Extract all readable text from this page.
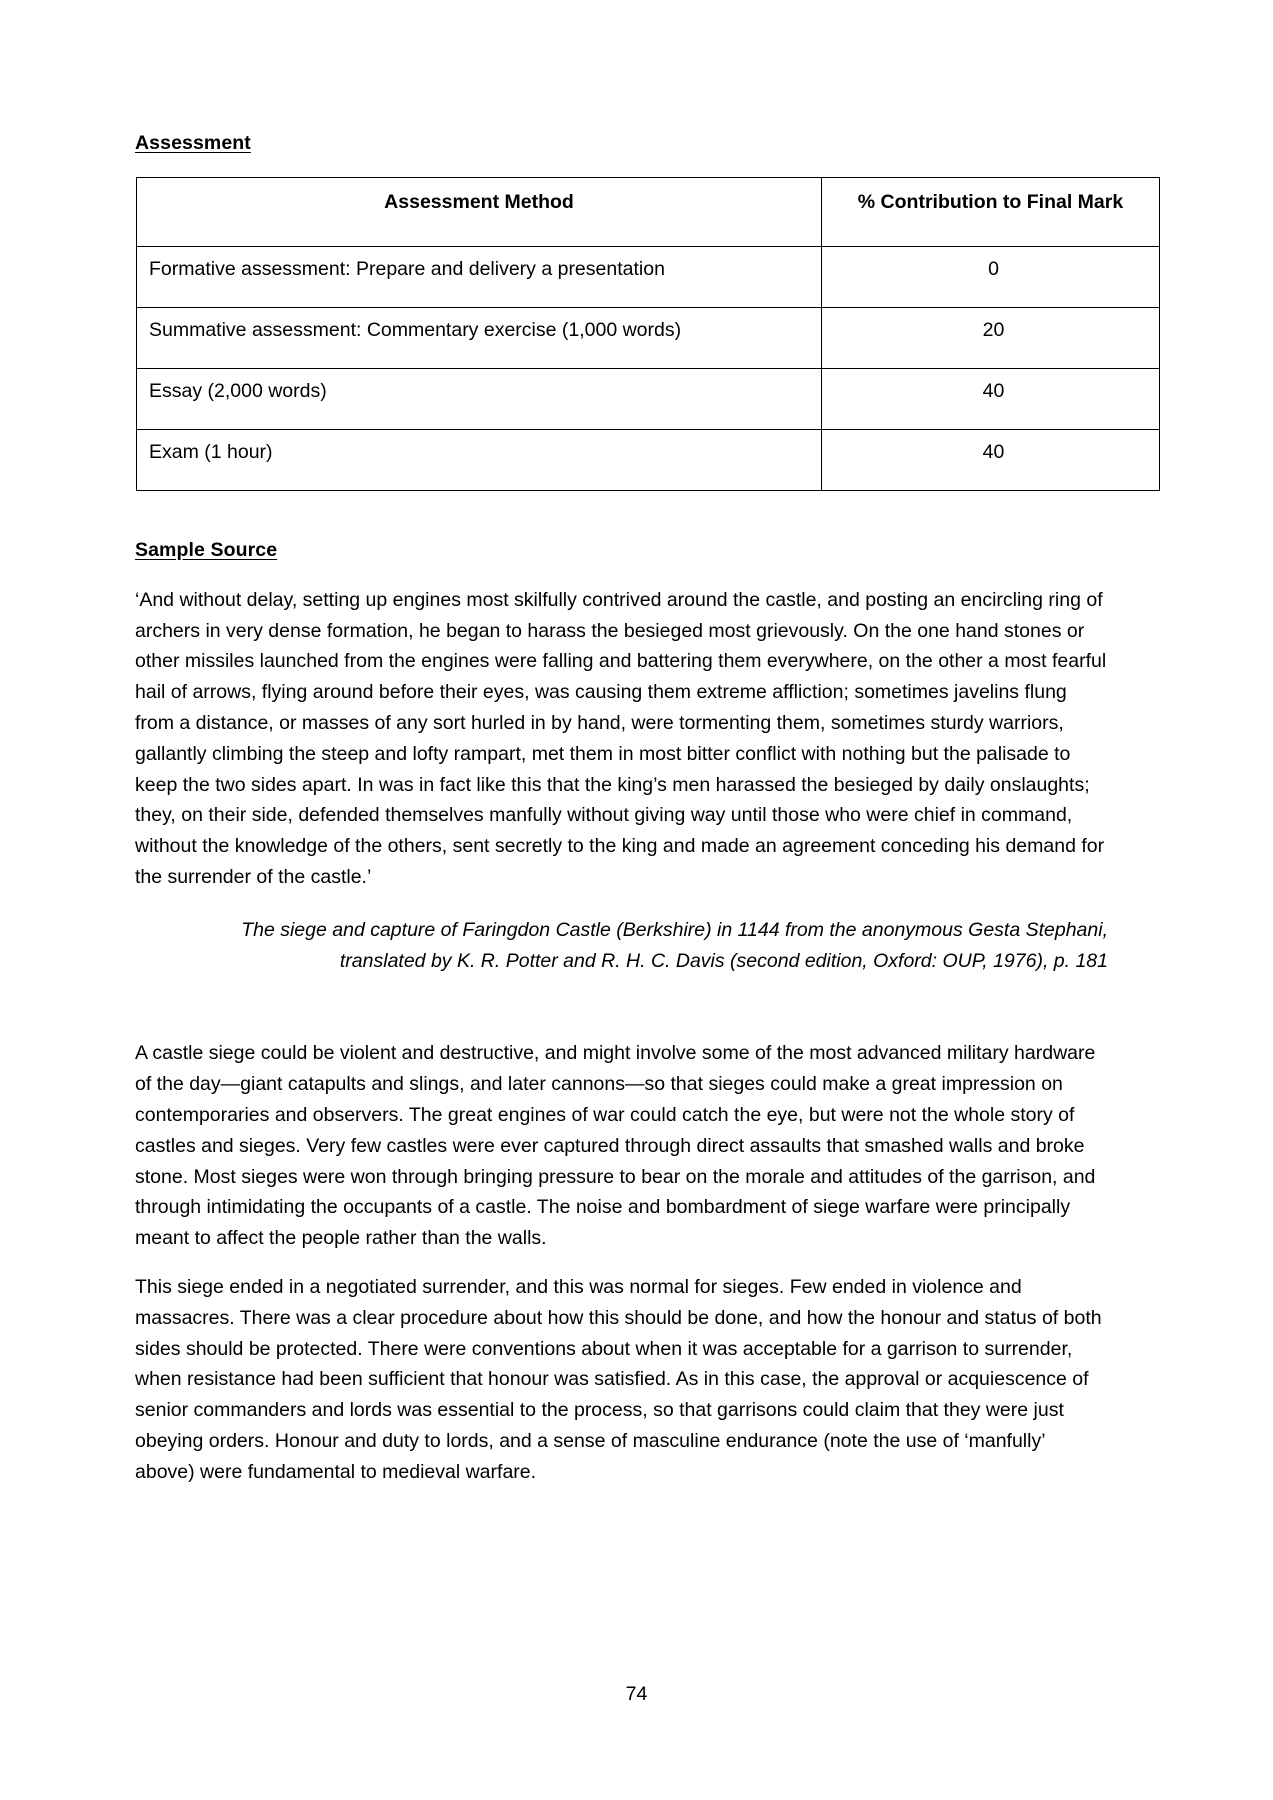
Assessment
Assessment Method	% Contribution to Final Mark
Formative assessment: Prepare and delivery a presentation	0
Summative assessment: Commentary exercise (1,000 words)	20
Essay (2,000 words)	40
Exam (1 hour)	40
Sample Source

‘And without delay, setting up engines most skilfully contrived around the castle, and posting an encircling ring of archers in very dense formation, he began to harass the besieged most grievously. On the one hand stones or other missiles launched from the engines were falling and battering them everywhere, on the other a most fearful hail of arrows, flying around before their eyes, was causing them extreme affliction; sometimes javelins flung from a distance, or masses of any sort hurled in by hand, were tormenting them, sometimes sturdy warriors, gallantly climbing the steep and lofty rampart, met them in most bitter conflict with nothing but the palisade to keep the two sides apart. In was in fact like this that the king’s men harassed the besieged by daily onslaughts; they, on their side, defended themselves manfully without giving way until those who were chief in command, without the knowledge of the others, sent secretly to the king and made an agreement conceding his demand for the surrender of the castle.’

The siege and capture of Faringdon Castle (Berkshire) in 1144 from the anonymous Gesta Stephani,
translated by K. R. Potter and R. H. C. Davis (second edition, Oxford: OUP, 1976), p. 181

A castle siege could be violent and destructive, and might involve some of the most advanced military hardware of the day—giant catapults and slings, and later cannons—so that sieges could make a great impression on contemporaries and observers. The great engines of war could catch the eye, but were not the whole story of castles and sieges. Very few castles were ever captured through direct assaults that smashed walls and broke stone. Most sieges were won through bringing pressure to bear on the morale and attitudes of the garrison, and through intimidating the occupants of a castle. The noise and bombardment of siege warfare were principally meant to affect the people rather than the walls.

This siege ended in a negotiated surrender, and this was normal for sieges. Few ended in violence and massacres. There was a clear procedure about how this should be done, and how the honour and status of both sides should be protected. There were conventions about when it was acceptable for a garrison to surrender, when resistance had been sufficient that honour was satisfied. As in this case, the approval or acquiescence of senior commanders and lords was essential to the process, so that garrisons could claim that they were just obeying orders. Honour and duty to lords, and a sense of masculine endurance (note the use of ‘manfully’ above) were fundamental to medieval warfare.

74
